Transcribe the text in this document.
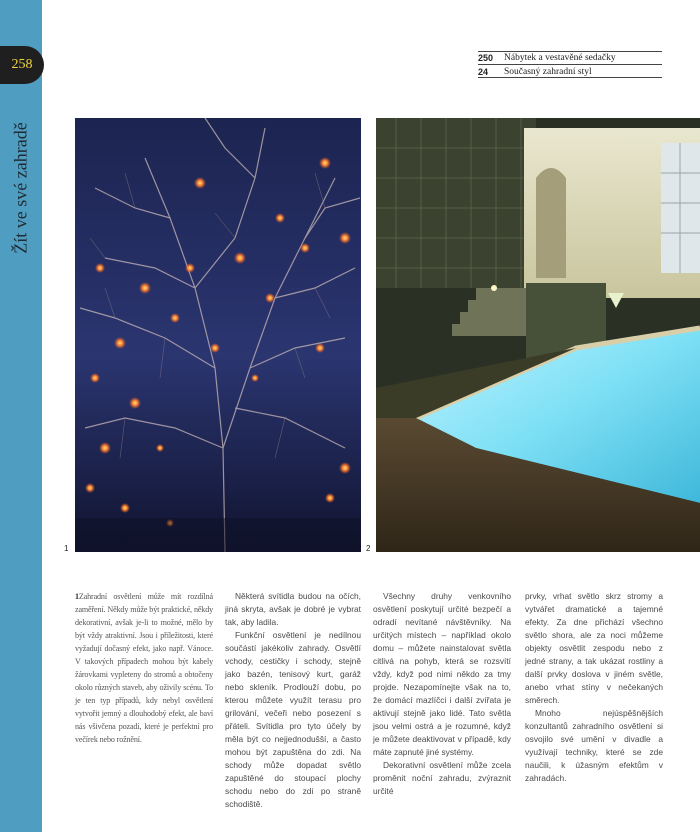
258
Žít ve své zahradě
250	Nábytek a vestavěné sedačky
24	Současný zahradní styl
1	2

1Zahradní osvětlení může mít rozdílná zaměření. Někdy může být praktické, někdy dekorativní, avšak je-li to možné, mělo by být vždy atraktivní. Jsou i příležitosti, které vyžadují dočasný efekt, jako např. Vánoce. V takových případech mohou být kabely žárovkami vypleteny do stromů a obtočeny okolo různých staveb, aby oživily scénu. To je ten typ případů, kdy nebyl osvětlení vytvořit jemný a dlouhodobý efekt, ale baví nás všivčena pozadí, které je perfektní pro večírek nebo rožnění.

Některá svítidla budou na očích, jiná skryta, avšak je dobré je vybrat tak, aby ladila.

Funkční osvětlení je nedílnou součástí jakékoliv zahrady. Osvětlí vchody, cestičky i schody, stejně jako bazén, tenisový kurt, garáž nebo skleník. Prodlouží dobu, po kterou můžete využít terasu pro grilování, večeři nebo posezení s přáteli. Svítidla pro tyto účely by měla být co nejjednodušší, a často mohou být zapuštěna do zdi. Na schody může dopadat světlo zapuštěné do stoupací plochy schodu nebo do zdi po straně schodiště.

Všechny druhy venkovního osvětlení poskytují určité bezpečí a odradí nevítané návštěvníky. Na určitých místech – například okolo domu – můžete nainstalovat světla citlivá na pohyb, která se rozsvítí vždy, když pod nimi někdo za tmy projde. Nezapomínejte však na to, že domácí mazlíčci i další zvířata je aktivují stejně jako lidé. Tato světla jsou velmi ostrá a je rozumné, když je můžete deaktivovat v případě, kdy máte zapnuté jiné systémy.

Dekorativní osvětlení může zcela proměnit noční zahradu, zvýraznit určité

prvky, vrhat světlo skrz stromy a vytvářet dramatické a tajemné efekty. Za dne přichází všechno světlo shora, ale za noci můžeme objekty osvětlit zespodu nebo z jedné strany, a tak ukázat rostliny a další prvky doslova v jiném světle, anebo vrhat stíny v nečekaných směrech.

Mnoho nejúspěšnějších konzultantů zahradního osvětlení si osvojilo své umění v divadle a využívají techniky, které se zde naučili, k úžasným efektům v zahradách.
